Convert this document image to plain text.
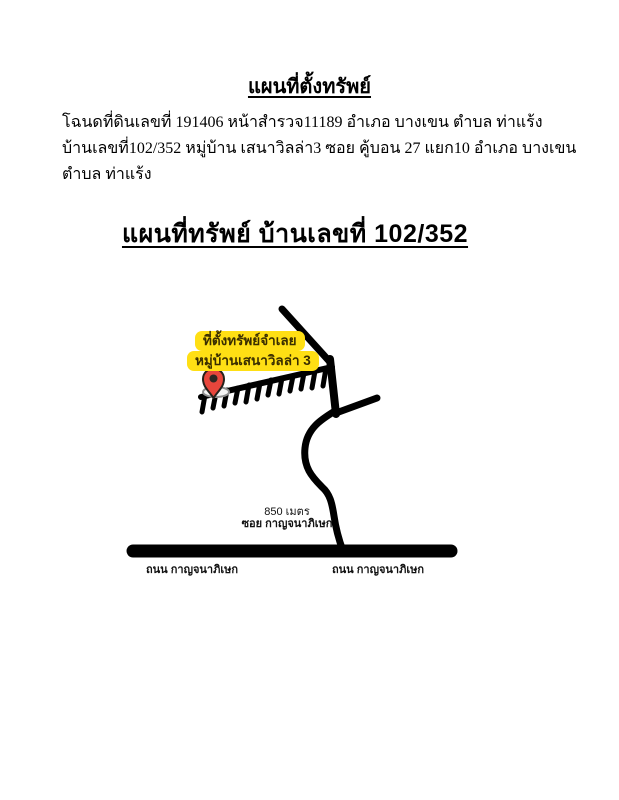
แผนที่ตั้งทรัพย์

โฉนดที่ดินเลขที่ 191406 หน้าสำรวจ11189 อำเภอ บางเขน ตำบล ท่าแร้ง

บ้านเลขที่102/352 หมู่บ้าน เสนาวิลล่า3 ซอย คู้บอน 27 แยก10 อำเภอ บางเขน ตำบล ท่าแร้ง

แผนที่ทรัพย์ บ้านเลขที่ 102/352
ที่ตั้งทรัพย์จำเลย
หมู่บ้านเสนาวิลล่า 3
850 เมตร
ซอย กาญจนาภิเษก
ถนน กาญจนาภิเษก	ถนน กาญจนาภิเษก
